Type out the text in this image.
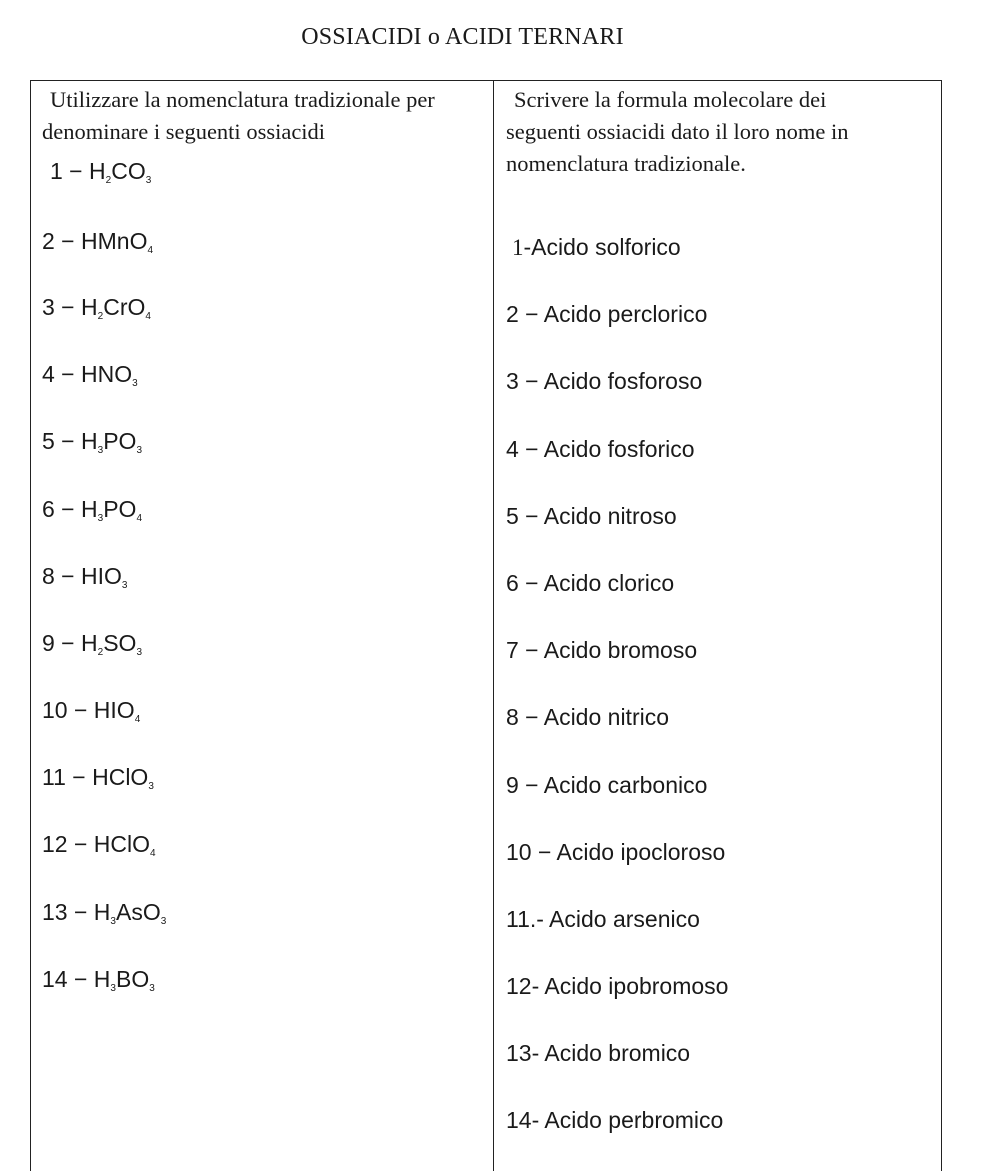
OSSIACIDI o ACIDI TERNARI
Utilizzare la nomenclatura tradizionale per
denominare i seguenti ossiacidi
Scrivere la formula molecolare dei
seguenti ossiacidi dato il loro nome in
nomenclatura tradizionale.
$1 - H_2CO_3$
2 − HMnO$_4$
$3 - H_2CrO_4$
$4 - HNO_3$
$5 - H_3PO_3$
$6 - H_3PO_4$
$8 - HIO_3$
$9 - H_2SO_3$
$10 - HIO_4$
11 − HClO$_3$
12 − HClO$_4$
$13 - H_3AsO_3$
$14 - H_3BO_3$
1-Acido solforico
2 − Acido perclorico
3 − Acido fosforoso
4 − Acido fosforico
5 − Acido nitroso
6 − Acido clorico
7 − Acido bromoso
8 − Acido nitrico
9 − Acido carbonico
10 − Acido ipocloroso
11.- Acido arsenico
12- Acido ipobromoso
13- Acido bromico
14- Acido perbromico
